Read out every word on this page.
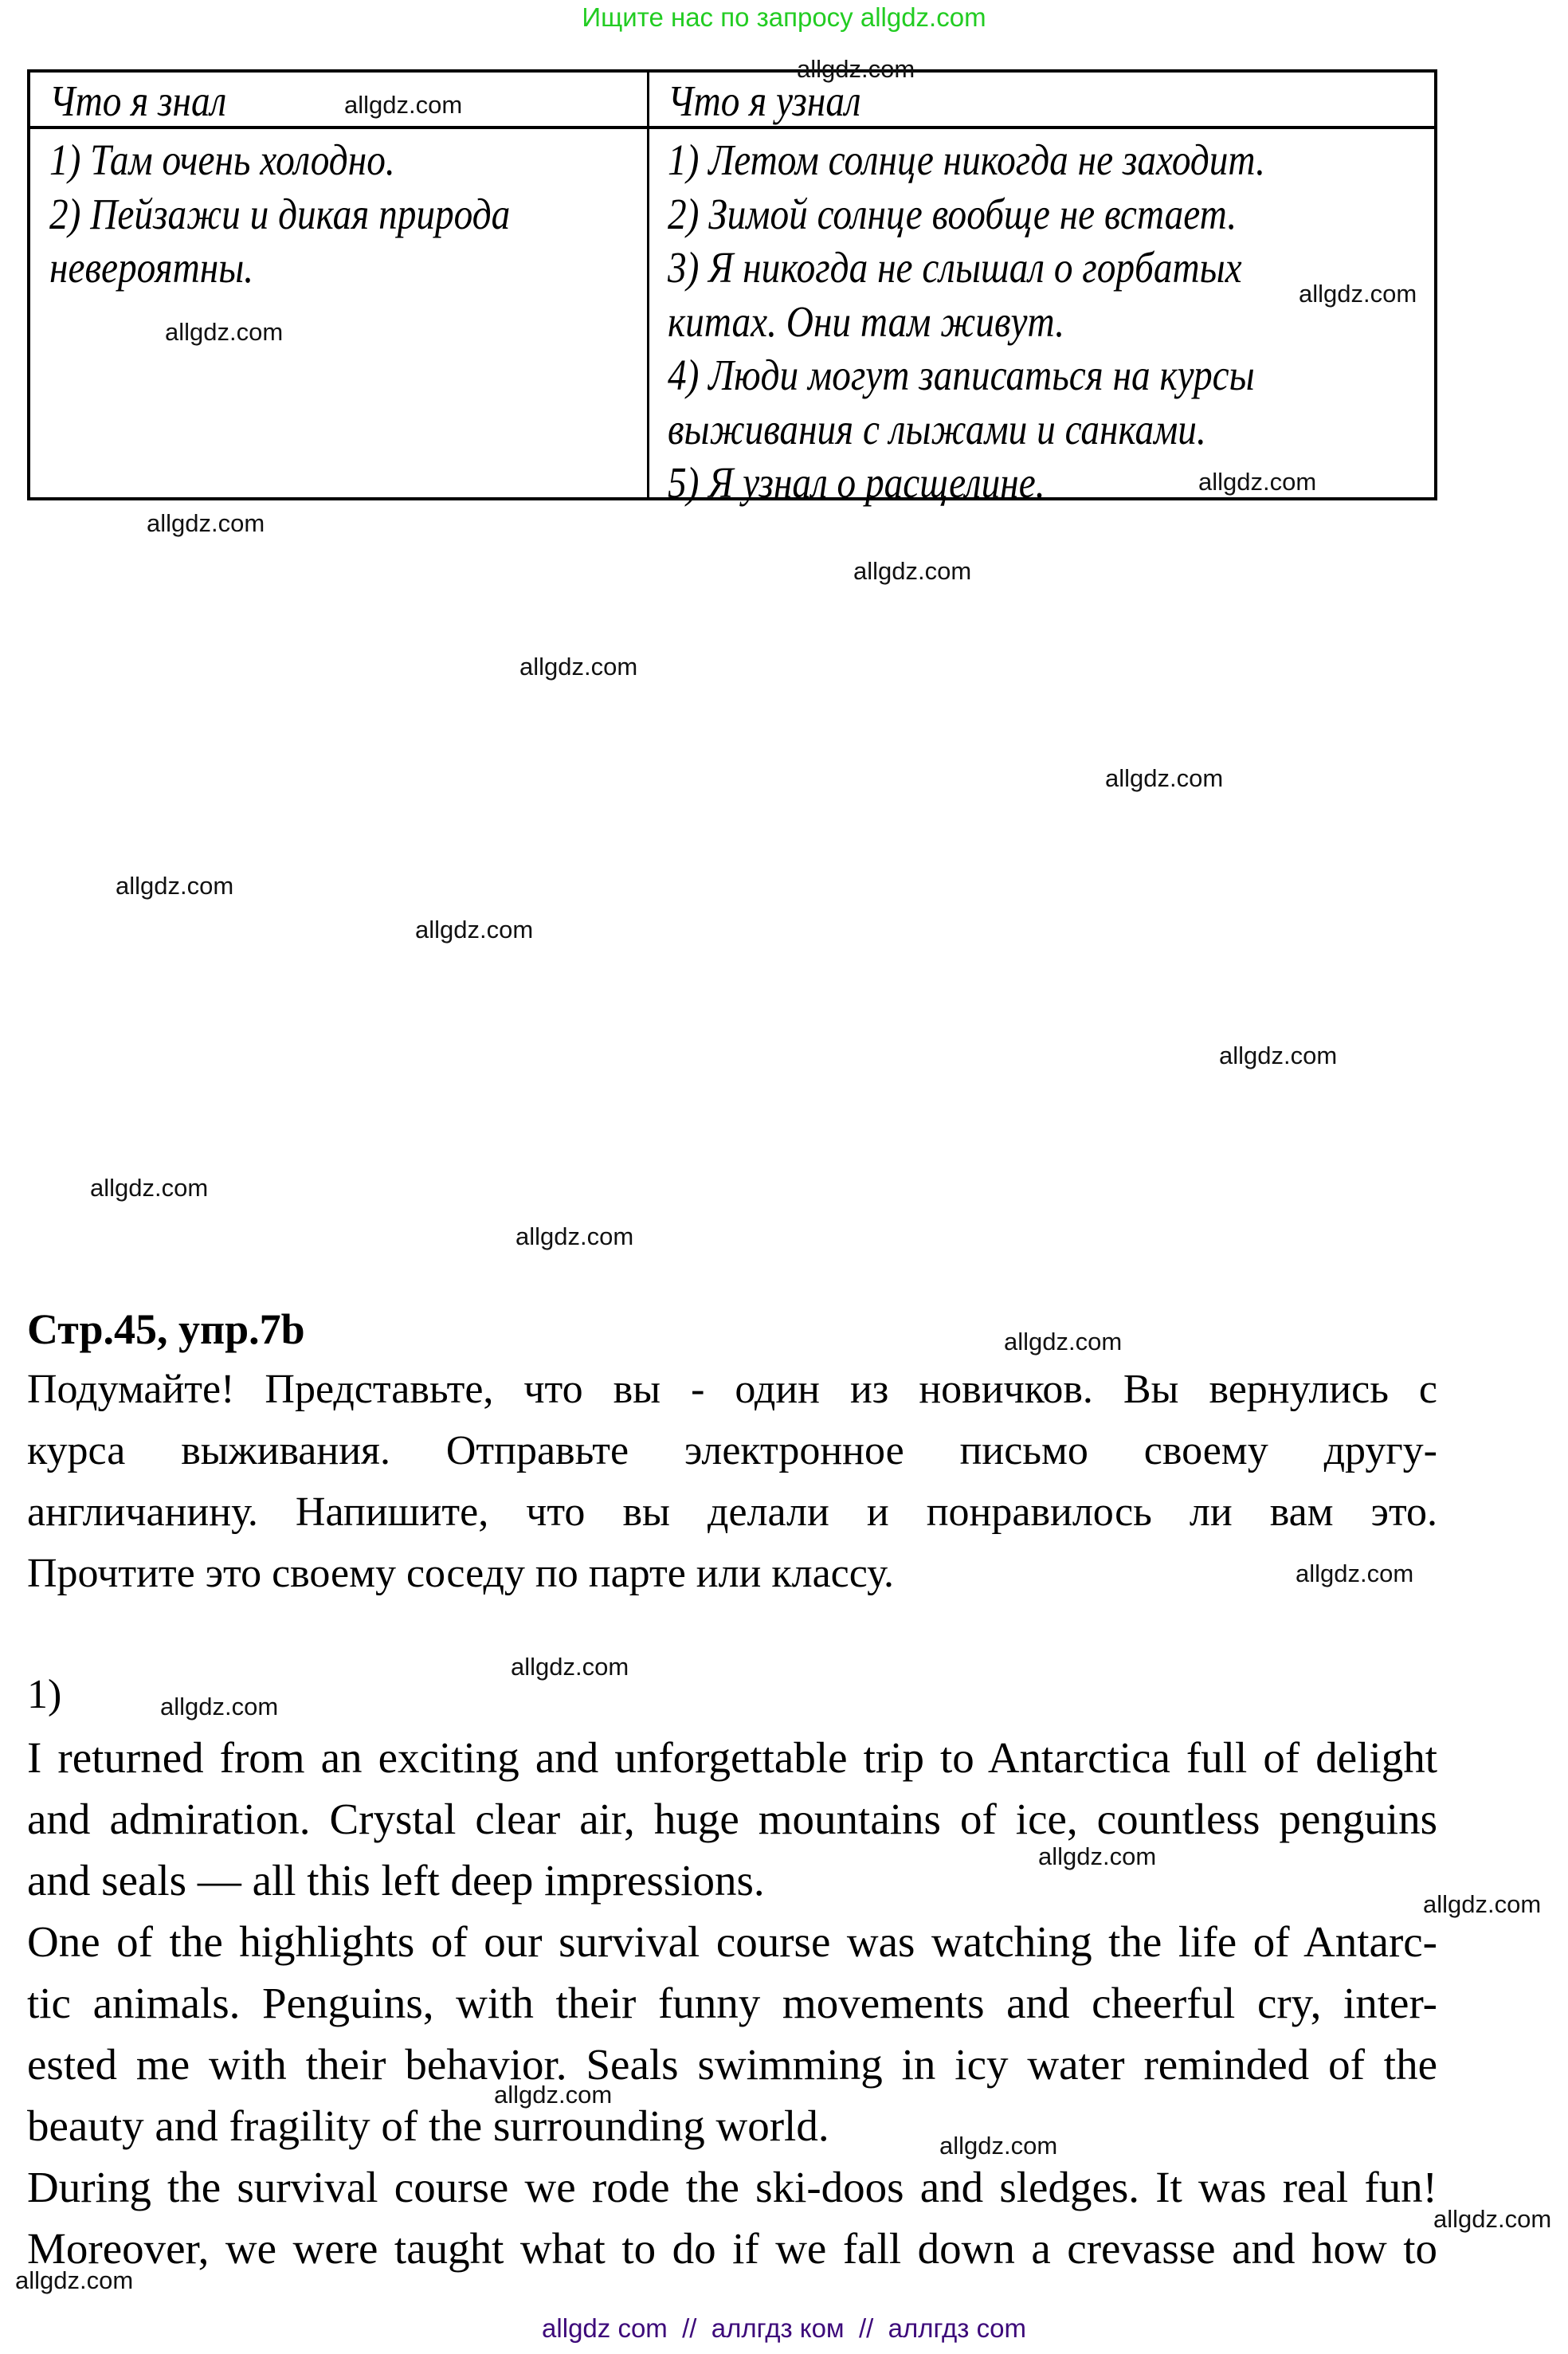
Ищите нас по запросу allgdz.com
Что я знал	Что я узнал
1) Там очень холодно.
2) Пейзажи и дикая природа
невероятны.
1) Летом солнце никогда не заходит.
2) Зимой солнце вообще не встает.
3) Я никогда не слышал о горбатых
китах. Они там живут.
4) Люди могут записаться на курсы
выживания с лыжами и санками.
5) Я узнал о расщелине.
Стр.45, упр.7b
Подумайте! Представьте, что вы - один из новичков. Вы вернулись с
курса выживания. Отправьте электронное письмо своему другу-
англичанину. Напишите, что вы делали и понравилось ли вам это.
Прочтите это своему соседу по парте или классу.
1)
I returned from an exciting and unforgettable trip to Antarctica full of delight
and admiration. Crystal clear air, huge mountains of ice, countless penguins
and seals — all this left deep impressions.
One of the highlights of our survival course was watching the life of Antarc-
tic animals. Penguins, with their funny movements and cheerful cry, inter-
ested me with their behavior. Seals swimming in icy water reminded of the
beauty and fragility of the surrounding world.
During the survival course we rode the ski-doos and sledges. It was real fun!
Moreover, we were taught what to do if we fall down a crevasse and how to
allgdz.com
allgdz.com
allgdz.com
allgdz.com
allgdz.com
allgdz.com
allgdz.com
allgdz.com
allgdz.com
allgdz.com
allgdz.com
allgdz.com
allgdz.com
allgdz.com
allgdz.com
allgdz.com
allgdz.com
allgdz.com
allgdz.com
allgdz.com
allgdz.com
allgdz.com
allgdz.com
allgdz.com
allgdz com  //  аллгдз ком  //  аллгдз com
